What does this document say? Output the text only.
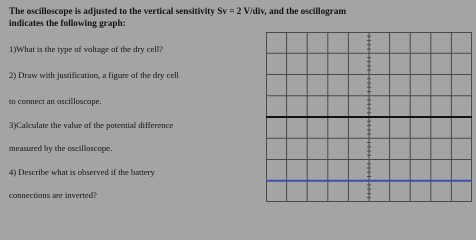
The oscilloscope is adjusted to the vertical sensitivity Sv = 2 V/div, and the oscillogram
indicates the following graph:
1)What is the type of voltage of the dry cell?
2) Draw with justification, a figure of the dry cell
to connect an oscilloscope.
3)Calculate the value of the potential difference
measured by the oscilloscope.
4) Describe what is observed if the battery
connections are inverted?
